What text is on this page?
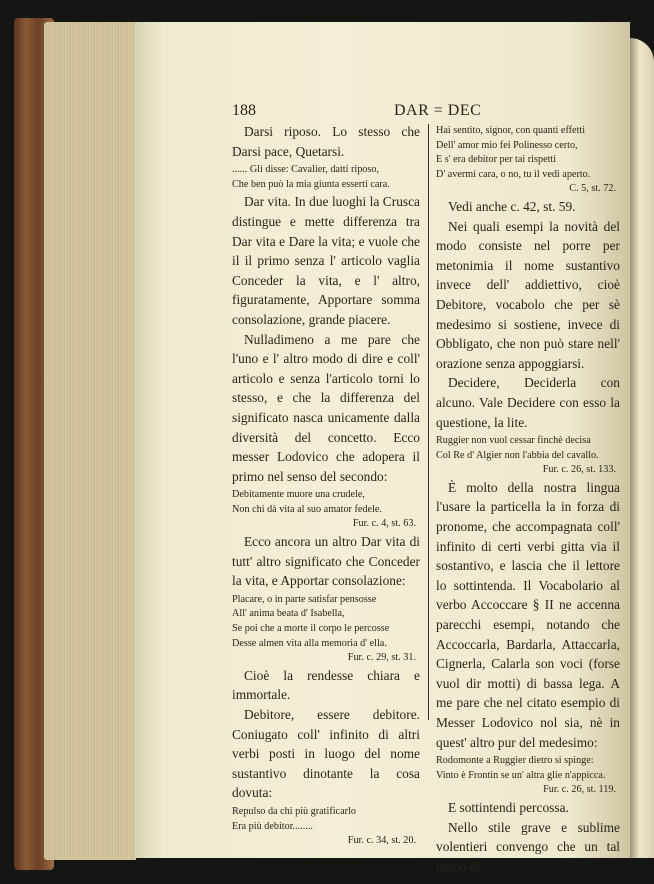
188	DAR = DEC

Darsi riposo. Lo stesso che Darsi pace, Quetarsi.

...... Gli disse: Cavalier, datti riposo,
Che ben può la mia giunta esserti cara.

Dar vita. In due luoghi la Crusca distingue e mette differenza tra Dar vita e Dare la vita; e vuole che il il primo senza l' articolo vaglia Conceder la vita, e l' altro, figuratamente, Apportare somma consolazione, grande piacere.

Nulladimeno a me pare che l'uno e l' altro modo di dire e coll' articolo e senza l'articolo torni lo stesso, e che la differenza del significato nasca unicamente dalla diversità del concetto. Ecco messer Lodovico che adopera il primo nel senso del secondo:

Debitamente muore una crudele,
Non chi dà vita al suo amator fedele.
Fur. c. 4, st. 63.

Ecco ancora un altro Dar vita di tutt' altro significato che Conceder la vita, e Apportar consolazione:

Placare, o in parte satisfar pensosse
All' anima beata d' Isabella,
Se poi che a morte il corpo le percosse
Desse almen vita alla memoria d' ella.
Fur. c. 29, st. 31.

Cioè la rendesse chiara e immortale.

Debitore, essere debitore. Coniugato coll' infinito di altri verbi posti in luogo del nome sustantivo dinotante la cosa dovuta:

Repulso da chi più gratificarlo
Era più debitor........
Fur. c. 34, st. 20.
Hai sentito, signor, con quanti effetti
Dell' amor mio fei Polinesso certo,
E s' era debitor per tai rispetti
D' avermi cara, o no, tu il vedi aperto.
C. 5, st. 72.

Vedi anche c. 42, st. 59.

Nei quali esempi la novità del modo consiste nel porre per metonimia il nome sustantivo invece dell' addiettivo, cioè Debitore, vocabolo che per sè medesimo si sostiene, invece di Obbligato, che non può stare nell' orazione senza appoggiarsi.

Decidere, Deciderla con alcuno. Vale Decidere con esso la questione, la lite.

Ruggier non vuol cessar finchè decisa
Col Re d' Algier non l'abbia del cavallo.
Fur. c. 26, st. 133.

È molto della nostra lingua l'usare la particella la in forza di pronome, che accompagnata coll' infinito di certi verbi gitta via il sostantivo, e lascia che il lettore lo sottintenda. Il Vocabolario al verbo Accoccare § II ne accenna parecchi esempi, notando che Accoccarla, Bardarla, Attaccarla, Cignerla, Calarla son voci (forse vuol dir motti) di bassa lega. A me pare che nel citato esempio di Messer Lodovico nol sia, nè in quest' altro pur del medesimo:

Rodomonte a Ruggier dietro si spinge:
Vinto è Frontin se un' altra glie n'appicca.
Fur. c. 26, st. 119.

E sottintendi percossa.

Nello stile grave e sublime volentieri convengo che un tal modo di
